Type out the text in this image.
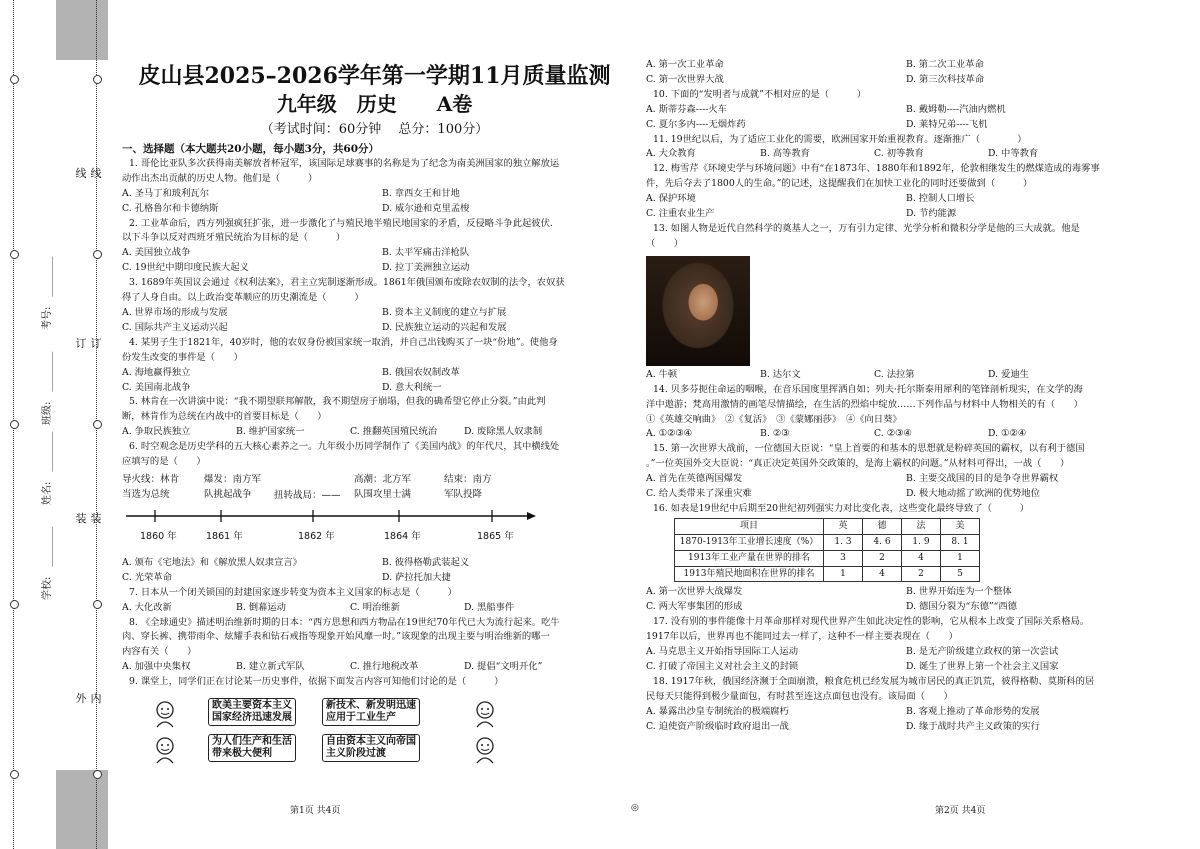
外
装
订
线
内
装
订
线
学校:　________
姓名:　________
班级:　________
考号:　________
皮山县2025–2026学年第一学期11月质量监测
九年级　历史　　A卷
（考试时间：60分钟　 总分：100分）

一、选择题（本大题共20小题，每小题3分，共60分）

1. 哥伦比亚队多次获得南美解放者杯冠军，该国际足球赛事的名称是为了纪念为南美洲国家的独立解放运

动作出杰出贡献的历史人物。他们是（　　　）

A. 圣马丁和玻利瓦尔	B. 章西女王和甘地

C. 孔格鲁尔和卡德纳斯	D. 威尔逊和克里孟梭

2. 工业革命后，西方列强疯狂扩张，进一步激化了与殖民地半殖民地国家的矛盾，反侵略斗争此起彼伏.

以下斗争以反对西班牙殖民统治为目标的是（　　　）

A. 美国独立战争	B. 太平军痛击洋枪队

C. 19世纪中期印度民族大起义	D. 拉丁美洲独立运动

3. 1689年英国议会通过《权利法案》，君主立宪制逐渐形成。1861年俄国颁布废除农奴制的法令，农奴获

得了人身自由。以上政治变革顺应的历史潮流是（　　　）

A. 世界市场的形成与发展	B. 资本主义制度的建立与扩展

C. 国际共产主义运动兴起	D. 民族独立运动的兴起和发展

4. 某男子生于1821年，40岁时，他的农奴身份被国家统一取消，并自己出钱购买了一块“份地”。使他身

份发生改变的事件是（　　）

A. 海地赢得独立	B. 俄国农奴制改革

C. 美国南北战争	D. 意大利统一

5. 林肯在一次讲演中说：“我不期望联邦解散，我不期望房子崩塌，但我的确希望它停止分裂。”由此判

断，林肯作为总统在内战中的首要目标是（　　）

A. 争取民族独立	B. 维护国家统一	C. 推翻英国殖民统治	D. 废除黑人奴隶制

6. 时空观念是历史学科的五大核心素养之一。九年级小历同学制作了《美国内战》的年代尺，其中横线处

应填写的是（　　）

导火线：林肯
当选为总统
爆发：南方军
队挑起战争	扭转战局：——
高潮：北方军
队围攻里士满
结束：南方
军队投降
1860 年	1861 年	1862 年	1864 年	1865 年

A. 颁布《宅地法》和《解放黑人奴隶宣言》	B. 彼得格勒武装起义

C. 光荣革命	D. 萨拉托加大捷

7. 日本从一个闭关锁国的封建国家逐步转变为资本主义国家的标志是（　　　）

A. 大化改新	B. 倒幕运动	C. 明治维新	D. 黑船事件

8. 《全球通史》描述明治维新时期的日本：“西方思想和西方物品在19世纪70年代已大为流行起来。吃牛

肉、穿长裤、携带雨伞、炫耀手表和钻石戒指等现象开始风靡一时。”该现象的出现主要与明治维新的哪一

内容有关（　　）

A. 加强中央集权	B. 建立新式军队	C. 推行地税改革	D. 提倡“文明开化”

9. 课堂上，同学们正在讨论某一历史事件，依据下面发言内容可知他们讨论的是（　　　）

欧美主要资本主义
国家经济迅速发展
新技术、新发明迅速
应用于工业生产
为人们生产和生活
带来极大便利
自由资本主义向帝国
主义阶段过渡

A. 第一次工业革命	B. 第二次工业革命

C. 第一次世界大战	D. 第三次科技革命

10. 下面的“发明者与成就”不相对应的是（　　　）

A. 斯蒂芬森----火车	B. 戴姆勒----汽油内燃机

C. 夏尔多内----无烟炸药	D. 莱特兄弟----飞机

11. 19世纪以后，为了适应工业化的需要，欧洲国家开始重视教育。逐渐推广（　　　　）

A. 大众教育	B. 高等教育	C. 初等教育	D. 中等教育

12. 梅雪芹《环境史学与环境问题》中有“在1873年、1880年和1892年，伦敦相继发生的燃煤造成的毒雾事

件，先后夺去了1800人的生命。”的记述，这提醒我们在加快工业化的同时还要做到（　　　）

A. 保护环境	B. 控制人口增长

C. 注重农业生产	D. 节约能源

13. 如图人物是近代自然科学的奠基人之一，万有引力定律、光学分析和微积分学是他的三大成就。他是

（　　）

A. 牛顿	B. 达尔文	C. 法拉第	D. 爱迪生

14. 贝多芬扼住命运的咽喉，在音乐国度里挥洒自如；列夫·托尔斯泰用犀利的笔锋剖析现实，在文学的海

洋中遨游；梵高用激情的画笔尽情描绘，在生活的烈焰中绽放……下列作品与材料中人物相关的有（　　）

①《英雄交响曲》　②《复活》　③《蒙娜丽莎》　④《向日葵》

A. ①②③④	B. ②③	C. ②③④	D. ①②④

15. 第一次世界大战前，一位德国大臣说：“皇上首要的和基本的思想就是粉碎英国的霸权，以有利于德国

。”一位英国外交大臣说：“真正决定英国外交政策的，是海上霸权的问题。”从材料可得出，一战（　　）

A. 首先在英德两国爆发	B. 主要交战国的目的是争夺世界霸权

C. 给人类带来了深重灾难	D. 极大地动摇了欧洲的优势地位

16. 如表是19世纪中后期至20世纪初列强实力对比变化表，这些变化最终导致了（　　　）

项目	英	德	法	美
1870-1913年工业增长速度（%）	1. 3	4. 6	1. 9	8. 1
1913年工业产量在世界的排名	3	2	4	1
1913年殖民地面积在世界的排名	1	4	2	5

A. 第一次世界大战爆发	B. 世界开始连为一个整体

C. 两大军事集团的形成	D. 德国分裂为“东德”“西德

17. 没有别的事件能像十月革命那样对现代世界产生如此决定性的影响，它从根本上改变了国际关系格局。

1917年以后，世界再也不能同过去一样了，这种不一样主要表现在（　　）

A. 马克思主义开始指导国际工人运动	B. 是无产阶级建立政权的第一次尝试

C. 打破了帝国主义对社会主义的封锁	D. 诞生了世界上第一个社会主义国家

18. 1917年秋，俄国经济濒于全面崩溃，粮食危机已经发展为城市居民的真正饥荒，彼得格勒、莫斯科的居

民每天只能得到极少量面包，有时甚至连这点面包也没有。该局面（　　）

A. 暴露出沙皇专制统治的极端腐朽	B. 客观上推动了革命形势的发展

C. 迫使资产阶级临时政府退出一战	D. 缘于战时共产主义政策的实行

第1页 共4页	◎	第2页 共4页
